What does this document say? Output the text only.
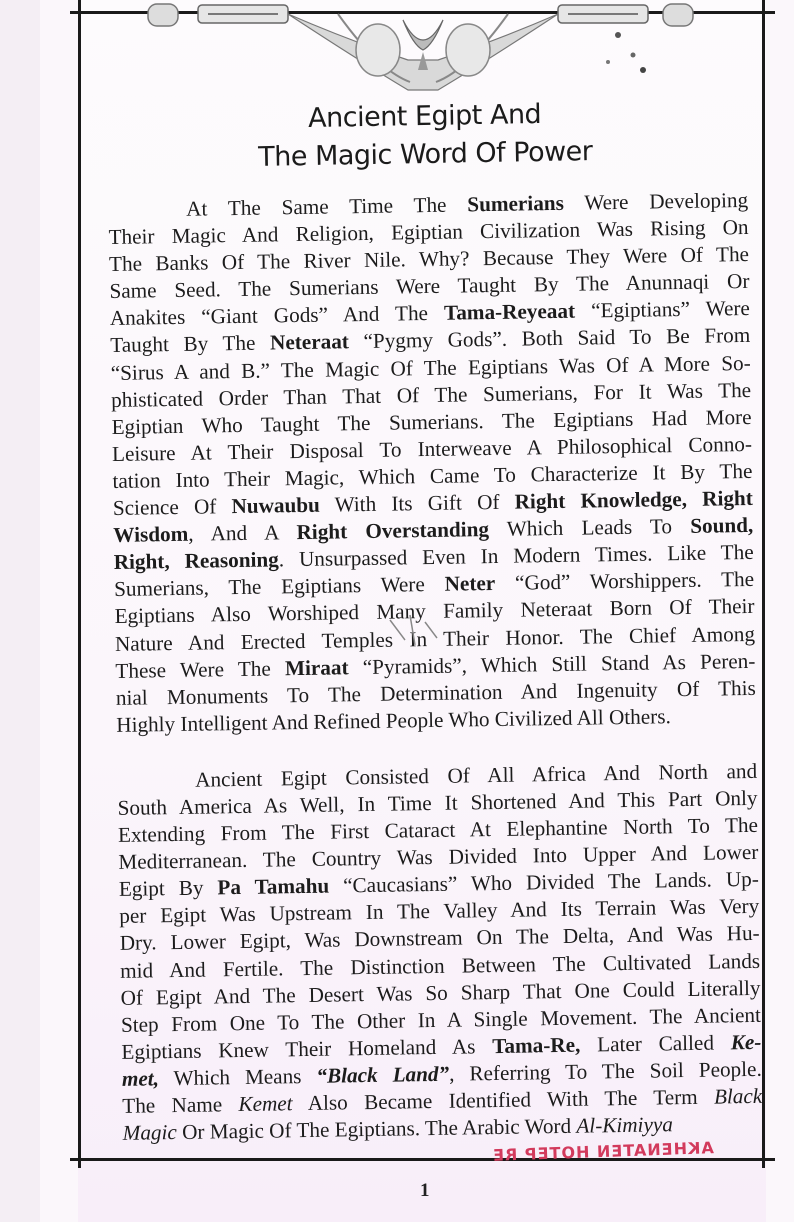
Ancient Egipt And
The Magic Word Of Power
At The Same Time The Sumerians Were Developing
Their Magic And Religion, Egiptian Civilization Was Rising On
The Banks Of The River Nile. Why? Because They Were Of The
Same Seed. The Sumerians Were Taught By The Anunnaqi Or
Anakites “Giant Gods” And The Tama-Reyeaat “Egiptians” Were
Taught By The Neteraat “Pygmy Gods”. Both Said To Be From
“Sirus A and B.” The Magic Of The Egiptians Was Of A More So-
phisticated Order Than That Of The Sumerians, For It Was The
Egiptian Who Taught The Sumerians. The Egiptians Had More
Leisure At Their Disposal To Interweave A Philosophical Conno-
tation Into Their Magic, Which Came To Characterize It By The
Science Of Nuwaubu With Its Gift Of Right Knowledge, Right
Wisdom, And A Right Overstanding Which Leads To Sound,
Right, Reasoning. Unsurpassed Even In Modern Times. Like The
Sumerians, The Egiptians Were Neter “God” Worshippers. The
Egiptians Also Worshiped Many Family Neteraat Born Of Their
Nature And Erected Temples In Their Honor. The Chief Among
These Were The Miraat “Pyramids”, Which Still Stand As Peren-
nial Monuments To The Determination And Ingenuity Of This
Highly Intelligent And Refined People Who Civilized All Others.
Ancient Egipt Consisted Of All Africa And North and
South America As Well, In Time It Shortened And This Part Only
Extending From The First Cataract At Elephantine North To The
Mediterranean. The Country Was Divided Into Upper And Lower
Egipt By Pa Tamahu “Caucasians” Who Divided The Lands. Up-
per Egipt Was Upstream In The Valley And Its Terrain Was Very
Dry. Lower Egipt, Was Downstream On The Delta, And Was Hu-
mid And Fertile. The Distinction Between The Cultivated Lands
Of Egipt And The Desert Was So Sharp That One Could Literally
Step From One To The Other In A Single Movement. The Ancient
Egiptians Knew Their Homeland As Tama-Re, Later Called Ke-
met, Which Means “Black Land”, Referring To The Soil People.
The Name Kemet Also Became Identified With The Term Black
Magic Or Magic Of The Egiptians. The Arabic Word Al-Kimiyya
AKHENATEN HOTEP RE
1
